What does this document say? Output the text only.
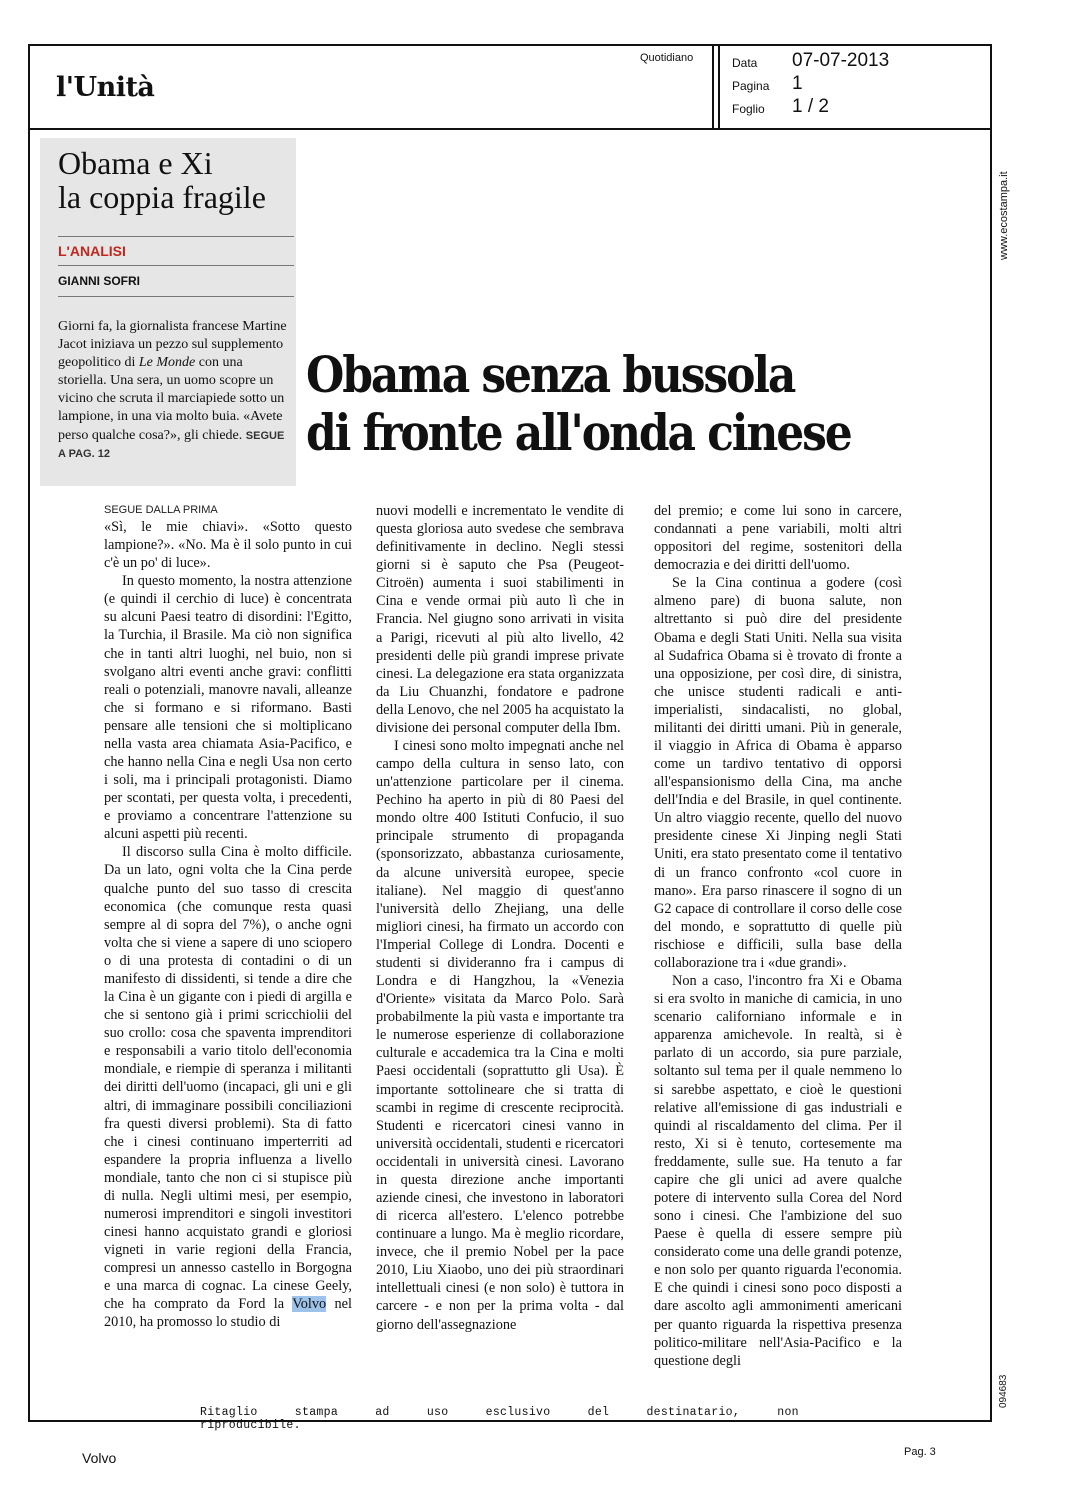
l'Unità
Quotidiano	Data 07-07-2013
Pagina 1
Foglio 1 / 2
www.ecostampa.it
094683
Obama e Xi
la coppia fragile
L'ANALISI
GIANNI SOFRI
Giorni fa, la giornalista francese Martine Jacot iniziava un pezzo sul supplemento geopolitico di Le Monde con una storiella. Una sera, un uomo scopre un vicino che scruta il marciapiede sotto un lampione, in una via molto buia. «Avete perso qualche cosa?», gli chiede. SEGUE A PAG. 12
Obama senza bussola
di fronte all'onda cinese
SEGUE DALLA PRIMA

«Sì, le mie chiavi». «Sotto questo lampione?». «No. Ma è il solo punto in cui c'è un po' di luce».

In questo momento, la nostra attenzione (e quindi il cerchio di luce) è concentrata su alcuni Paesi teatro di disordini: l'Egitto, la Turchia, il Brasile. Ma ciò non significa che in tanti altri luoghi, nel buio, non si svolgano altri eventi anche gravi: conflitti reali o potenziali, manovre navali, alleanze che si formano e si riformano. Basti pensare alle tensioni che si moltiplicano nella vasta area chiamata Asia-Pacifico, e che hanno nella Cina e negli Usa non certo i soli, ma i principali protagonisti. Diamo per scontati, per questa volta, i precedenti, e proviamo a concentrare l'attenzione su alcuni aspetti più recenti.

Il discorso sulla Cina è molto difficile. Da un lato, ogni volta che la Cina perde qualche punto del suo tasso di crescita economica (che comunque resta quasi sempre al di sopra del 7%), o anche ogni volta che si viene a sapere di uno sciopero o di una protesta di contadini o di un manifesto di dissidenti, si tende a dire che la Cina è un gigante con i piedi di argilla e che si sentono già i primi scricchiolii del suo crollo: cosa che spaventa imprenditori e responsabili a vario titolo dell'economia mondiale, e riempie di speranza i militanti dei diritti dell'uomo (incapaci, gli uni e gli altri, di immaginare possibili conciliazioni fra questi diversi problemi). Sta di fatto che i cinesi continuano imperterriti ad espandere la propria influenza a livello mondiale, tanto che non ci si stupisce più di nulla. Negli ultimi mesi, per esempio, numerosi imprenditori e singoli investitori cinesi hanno acquistato grandi e gloriosi vigneti in varie regioni della Francia, compresi un annesso castello in Borgogna e una marca di cognac. La cinese Geely, che ha comprato da Ford la Volvo nel 2010, ha promosso lo studio di

nuovi modelli e incrementato le vendite di questa gloriosa auto svedese che sembrava definitivamente in declino. Negli stessi giorni si è saputo che Psa (Peugeot-Citroën) aumenta i suoi stabilimenti in Cina e vende ormai più auto lì che in Francia. Nel giugno sono arrivati in visita a Parigi, ricevuti al più alto livello, 42 presidenti delle più grandi imprese private cinesi. La delegazione era stata organizzata da Liu Chuanzhi, fondatore e padrone della Lenovo, che nel 2005 ha acquistato la divisione dei personal computer della Ibm.

I cinesi sono molto impegnati anche nel campo della cultura in senso lato, con un'attenzione particolare per il cinema. Pechino ha aperto in più di 80 Paesi del mondo oltre 400 Istituti Confucio, il suo principale strumento di propaganda (sponsorizzato, abbastanza curiosamente, da alcune università europee, specie italiane). Nel maggio di quest'anno l'università dello Zhejiang, una delle migliori cinesi, ha firmato un accordo con l'Imperial College di Londra. Docenti e studenti si divideranno fra i campus di Londra e di Hangzhou, la «Venezia d'Oriente» visitata da Marco Polo. Sarà probabilmente la più vasta e importante tra le numerose esperienze di collaborazione culturale e accademica tra la Cina e molti Paesi occidentali (soprattutto gli Usa). È importante sottolineare che si tratta di scambi in regime di crescente reciprocità. Studenti e ricercatori cinesi vanno in università occidentali, studenti e ricercatori occidentali in università cinesi. Lavorano in questa direzione anche importanti aziende cinesi, che investono in laboratori di ricerca all'estero. L'elenco potrebbe continuare a lungo. Ma è meglio ricordare, invece, che il premio Nobel per la pace 2010, Liu Xiaobo, uno dei più straordinari intellettuali cinesi (e non solo) è tuttora in carcere - e non per la prima volta - dal giorno dell'assegnazione

del premio; e come lui sono in carcere, condannati a pene variabili, molti altri oppositori del regime, sostenitori della democrazia e dei diritti dell'uomo.

Se la Cina continua a godere (così almeno pare) di buona salute, non altrettanto si può dire del presidente Obama e degli Stati Uniti. Nella sua visita al Sudafrica Obama si è trovato di fronte a una opposizione, per così dire, di sinistra, che unisce studenti radicali e anti-imperialisti, sindacalisti, no global, militanti dei diritti umani. Più in generale, il viaggio in Africa di Obama è apparso come un tardivo tentativo di opporsi all'espansionismo della Cina, ma anche dell'India e del Brasile, in quel continente. Un altro viaggio recente, quello del nuovo presidente cinese Xi Jinping negli Stati Uniti, era stato presentato come il tentativo di un franco confronto «col cuore in mano». Era parso rinascere il sogno di un G2 capace di controllare il corso delle cose del mondo, e soprattutto di quelle più rischiose e difficili, sulla base della collaborazione tra i «due grandi».

Non a caso, l'incontro fra Xi e Obama si era svolto in maniche di camicia, in uno scenario californiano informale e in apparenza amichevole. In realtà, si è parlato di un accordo, sia pure parziale, soltanto sul tema per il quale nemmeno lo si sarebbe aspettato, e cioè le questioni relative all'emissione di gas industriali e quindi al riscaldamento del clima. Per il resto, Xi si è tenuto, cortesemente ma freddamente, sulle sue. Ha tenuto a far capire che gli unici ad avere qualche potere di intervento sulla Corea del Nord sono i cinesi. Che l'ambizione del suo Paese è quella di essere sempre più considerato come una delle grandi potenze, e non solo per quanto riguarda l'economia. E che quindi i cinesi sono poco disposti a dare ascolto agli ammonimenti americani per quanto riguarda la rispettiva presenza politico-militare nell'Asia-Pacifico e la questione degli

Ritaglio stampa ad uso esclusivo del destinatario, non riproducibile.
Volvo	Pag. 3
